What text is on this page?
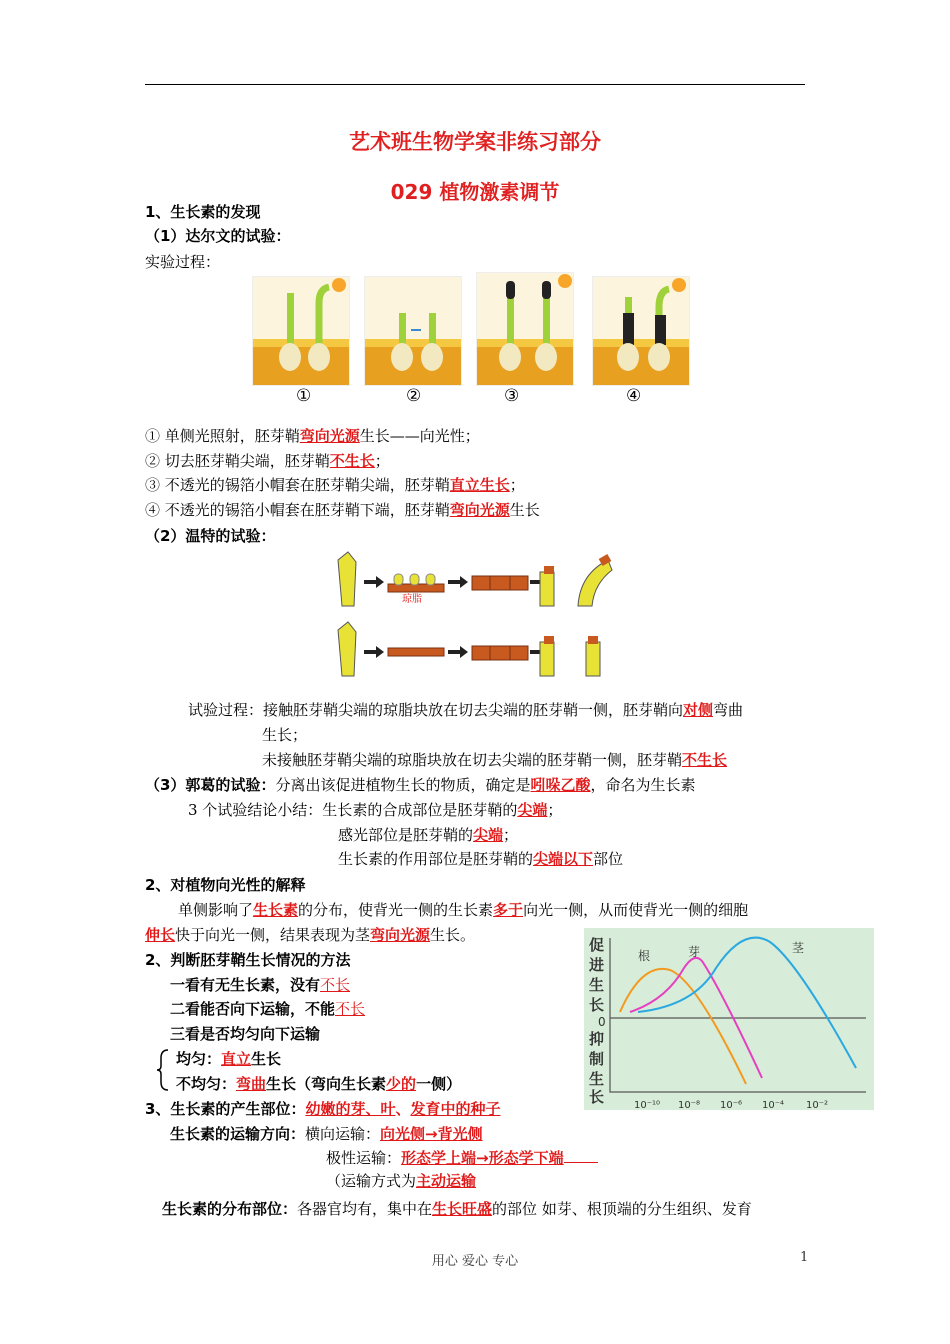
艺术班生物学案非练习部分
029 植物激素调节
1、生长素的发现
（1）达尔文的试验：
实验过程：
①	②	③	④
① 单侧光照射，胚芽鞘弯向光源生长——向光性；
② 切去胚芽鞘尖端，胚芽鞘不生长；
③ 不透光的锡箔小帽套在胚芽鞘尖端，胚芽鞘直立生长；
④ 不透光的锡箔小帽套在胚芽鞘下端，胚芽鞘弯向光源生长
（2）温特的试验：
琼脂
试验过程：接触胚芽鞘尖端的琼脂块放在切去尖端的胚芽鞘一侧，胚芽鞘向对侧弯曲
生长；
未接触胚芽鞘尖端的琼脂块放在切去尖端的胚芽鞘一侧，胚芽鞘不生长
（3）郭葛的试验：分离出该促进植物生长的物质，确定是吲哚乙酸，命名为生长素
3 个试验结论小结：生长素的合成部位是胚芽鞘的尖端；
感光部位是胚芽鞘的尖端；
生长素的作用部位是胚芽鞘的尖端以下部位
2、对植物向光性的解释
单侧影响了生长素的分布，使背光一侧的生长素多于向光一侧，从而使背光一侧的细胞
伸长快于向光一侧，结果表现为茎弯向光源生长。
2、判断胚芽鞘生长情况的方法
一看有无生长素，没有不长
二看能否向下运输，不能不长
三看是否均匀向下运输
均匀：直立生长
不均匀：弯曲生长（弯向生长素少的一侧）
3、生长素的产生部位：幼嫩的芽、叶、发育中的种子
生长素的运输方向：横向运输：向光侧→背光侧
极性运输：形态学上端→形态学下端
（运输方式为主动运输
生长素的分布部位：各器官均有，集中在生长旺盛的部位 如芽、根顶端的分生组织、发育
促
进
生
长
0
抑
制
生
长
根	芽	茎
10⁻¹⁰ 10⁻⁸ 10⁻⁶ 10⁻⁴ 10⁻²
用心 爱心 专心	1
